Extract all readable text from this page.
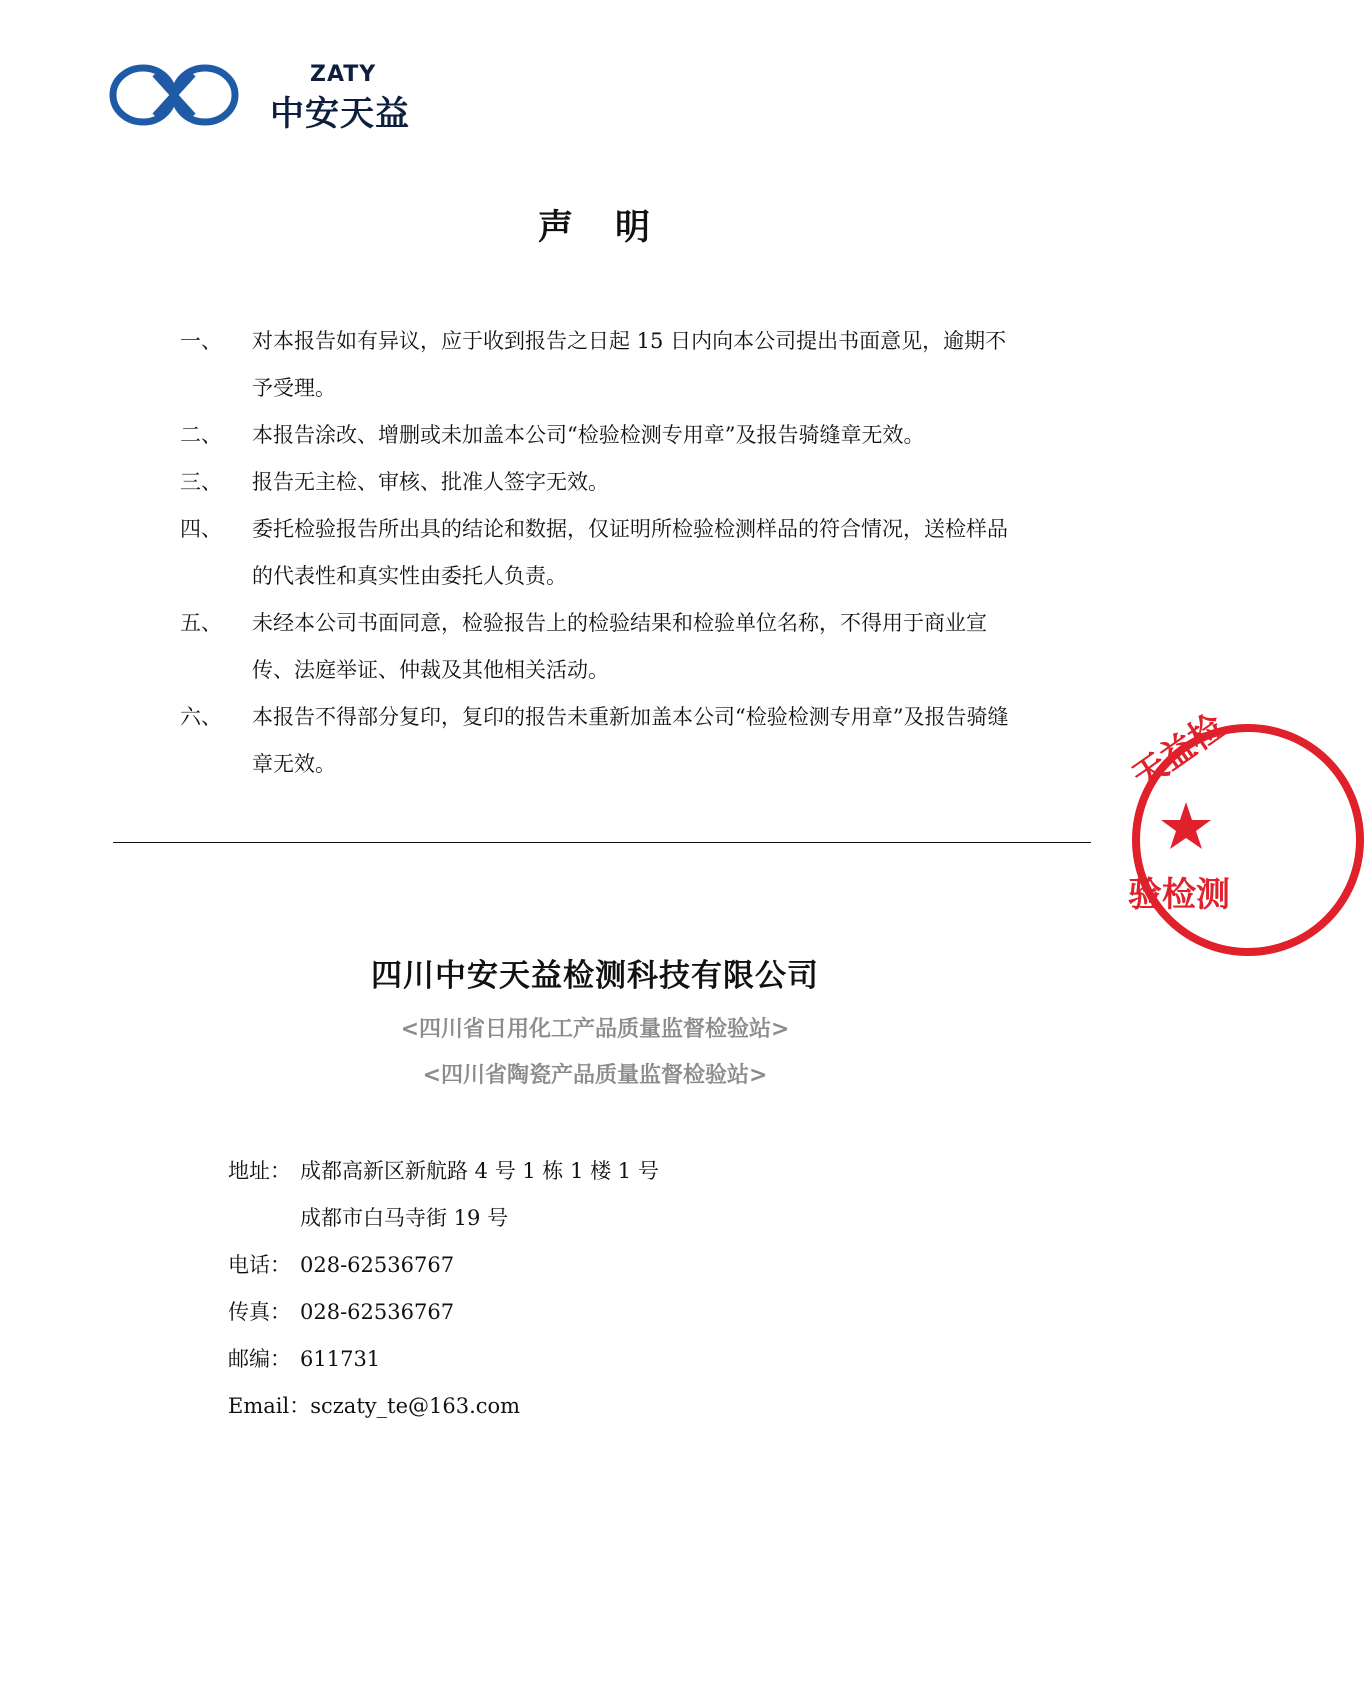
ZATY
中安天益
声 明
一、	对本报告如有异议，应于收到报告之日起 15 日内向本公司提出书面意见，逾期不予受理。
二、	本报告涂改、增删或未加盖本公司“检验检测专用章”及报告骑缝章无效。
三、	报告无主检、审核、批准人签字无效。
四、	委托检验报告所出具的结论和数据，仅证明所检验检测样品的符合情况，送检样品的代表性和真实性由委托人负责。
五、	未经本公司书面同意，检验报告上的检验结果和检验单位名称，不得用于商业宣传、法庭举证、仲裁及其他相关活动。
六、	本报告不得部分复印，复印的报告未重新加盖本公司“检验检测专用章”及报告骑缝章无效。
四川中安天益检测科技有限公司
<四川省日用化工产品质量监督检验站>
<四川省陶瓷产品质量监督检验站>
地址： 成都高新区新航路 4 号 1 栋 1 楼 1 号
成都市白马寺街 19 号
电话： 028-62536767
传真： 028-62536767
邮编： 611731
Email： sczaty_te@163.com
天益检
验检测
